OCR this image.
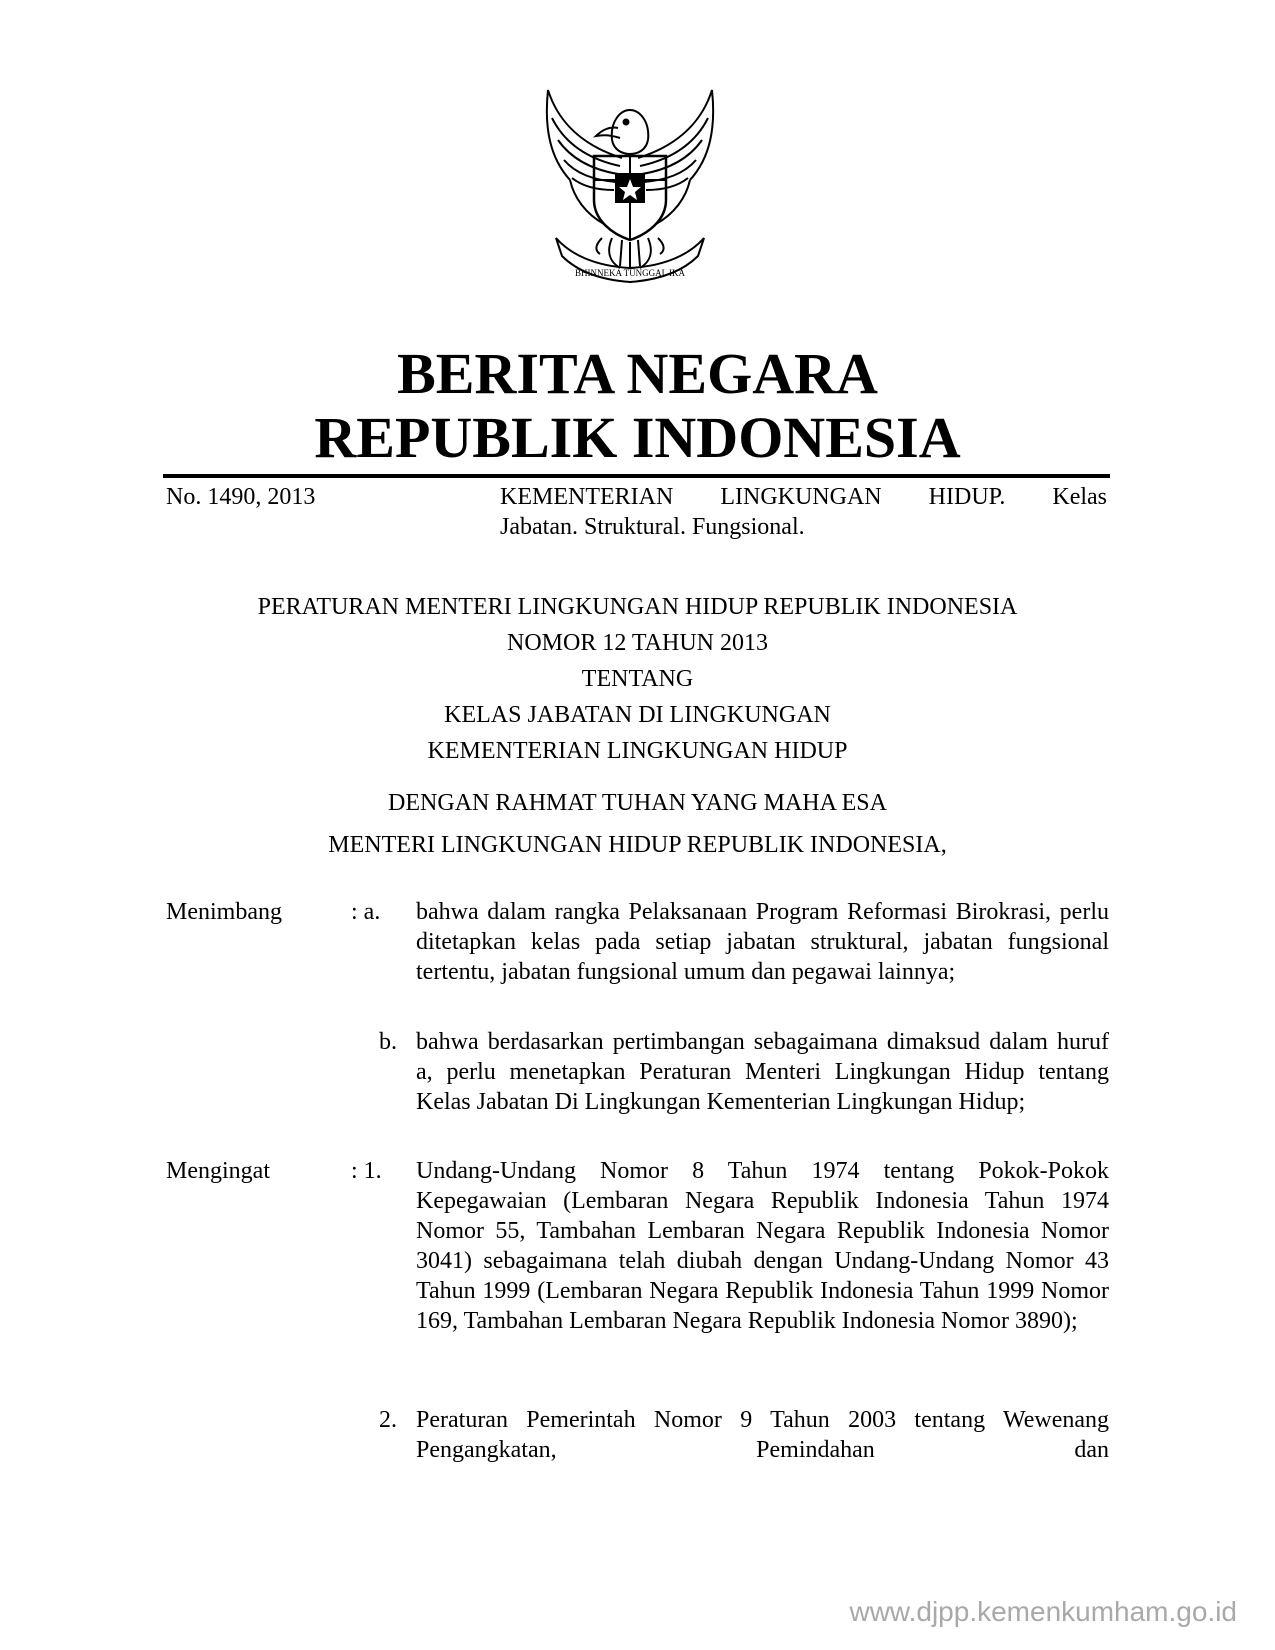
BHINNEKA TUNGGAL IKA
BERITA NEGARA
REPUBLIK INDONESIA
No. 1490, 2013	KEMENTERIAN LINGKUNGAN HIDUP. Kelas
Jabatan. Struktural. Fungsional.
PERATURAN MENTERI LINGKUNGAN HIDUP REPUBLIK INDONESIA
NOMOR 12 TAHUN 2013
TENTANG
KELAS JABATAN DI LINGKUNGAN
KEMENTERIAN LINGKUNGAN HIDUP
DENGAN RAHMAT TUHAN YANG MAHA ESA
MENTERI LINGKUNGAN HIDUP REPUBLIK INDONESIA,
Menimbang	: a. bahwa dalam rangka Pelaksanaan Program Reformasi Birokrasi, perlu ditetapkan kelas pada setiap jabatan struktural, jabatan fungsional tertentu, jabatan fungsional umum dan pegawai lainnya;
b. bahwa berdasarkan pertimbangan sebagaimana dimaksud dalam huruf a, perlu menetapkan Peraturan Menteri Lingkungan Hidup tentang Kelas Jabatan Di Lingkungan Kementerian Lingkungan Hidup;
Mengingat	: 1. Undang-Undang Nomor 8 Tahun 1974 tentang Pokok-Pokok Kepegawaian (Lembaran Negara Republik Indonesia Tahun 1974 Nomor 55, Tambahan Lembaran Negara Republik Indonesia Nomor 3041) sebagaimana telah diubah dengan Undang-Undang Nomor 43 Tahun 1999 (Lembaran Negara Republik Indonesia Tahun 1999 Nomor 169, Tambahan Lembaran Negara Republik Indonesia Nomor 3890);
2. Peraturan Pemerintah Nomor 9 Tahun 2003 tentang Wewenang Pengangkatan, Pemindahan dan
www.djpp.kemenkumham.go.id
